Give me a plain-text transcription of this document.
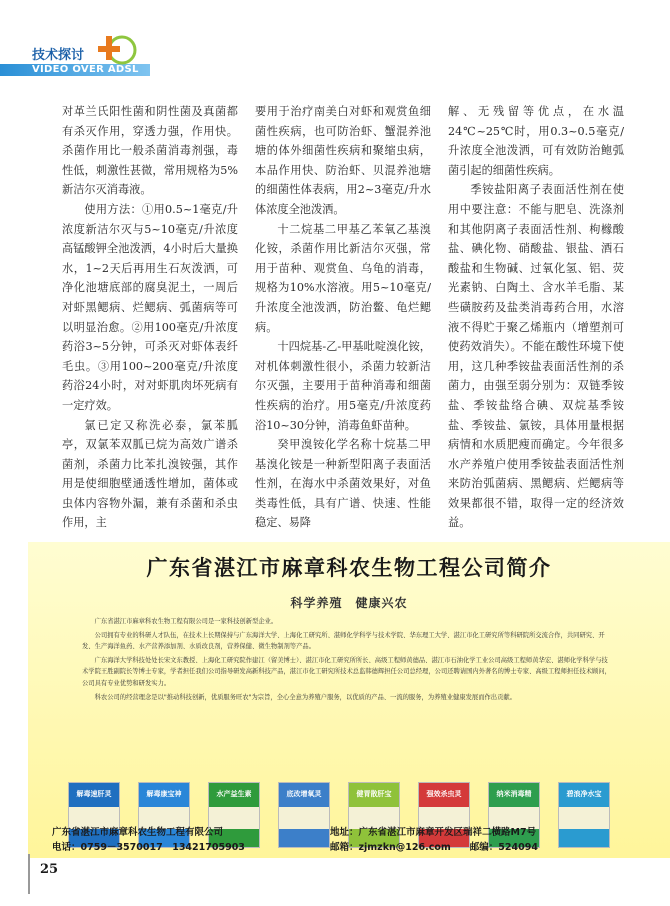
技术探讨
VIDEO OVER ADSL

对革兰氏阳性菌和阴性菌及真菌都有杀灭作用，穿透力强，作用快。杀菌作用比一般杀菌消毒剂强，毒性低，刺激性甚微，常用规格为5%新洁尔灭消毒液。

使用方法：①用0.5~1毫克/升浓度新洁尔灭与5~10毫克/升浓度高锰酸钾全池泼洒，4小时后大量换水，1~2天后再用生石灰泼洒，可净化池塘底部的腐臭泥土，一周后对虾黑鳃病、烂鳃病、弧菌病等可以明显治愈。②用100毫克/升浓度药浴3~5分钟，可杀灭对虾体表纤毛虫。③用100~200毫克/升浓度药浴24小时，对对虾肌肉坏死病有一定疗效。

氯已定又称洗必泰，氯苯胍亭，双氯苯双胍已烷为高效广谱杀菌剂，杀菌力比苯扎溴铵强，其作用是使细胞壁通透性增加，菌体或虫体内容物外漏，兼有杀菌和杀虫作用，主

要用于治疗南美白对虾和观赏鱼细菌性疾病，也可防治虾、蟹混养池塘的体外细菌性疾病和聚缩虫病，本品作用快、防治虾、贝混养池塘的细菌性体表病，用2~3毫克/升水体浓度全池泼洒。

十二烷基二甲基乙苯氧乙基溴化铵，杀菌作用比新洁尔灭强，常用于苗种、观赏鱼、乌龟的消毒，规格为10%水溶液。用5~10毫克/升浓度全池泼洒，防治鳖、龟烂鳃病。

十四烷基-乙-甲基吡啶溴化铵，对机体刺激性很小，杀菌力较新洁尔灭强，主要用于苗种消毒和细菌性疾病的治疗。用5毫克/升浓度药浴10~30分钟，消毒鱼虾苗种。

癸甲溴铵化学名称十烷基二甲基溴化铵是一种新型阳离子表面活性剂，在海水中杀菌效果好，对鱼类毒性低，具有广谱、快速、性能稳定、易降

解、无残留等优点，在水温24℃~25℃时，用0.3~0.5毫克/升浓度全池泼洒，可有效防治鲍弧菌引起的细菌性疾病。

季铵盐阳离子表面活性剂在使用中要注意：不能与肥皂、洗涤剂和其他阴离子表面活性剂、枸橼酸盐、碘化物、硝酸盐、银盐、酒石酸盐和生物碱、过氧化氢、铝、荧光素钠、白陶土、含水羊毛脂、某些磺胺药及盐类消毒药合用，水溶液不得贮于聚乙烯瓶内（增塑剂可使药效消失）。不能在酸性环境下使用，这几种季铵盐表面活性剂的杀菌力，由强至弱分别为：双链季铵盐、季铵盐络合碘、双烷基季铵盐、季铵盐、氯铵，具体用量根据病情和水质肥瘦而确定。今年很多水产养殖户使用季铵盐表面活性剂来防治弧菌病、黑鳃病、烂鳃病等效果都很不错，取得一定的经济效益。

广东省湛江市麻章科农生物工程公司简介
科学养殖　健康兴农

广东省湛江市麻章科农生物工程有限公司是一家科技创新型企业。

公司拥有专业的科研人才队伍，在技术上长期保持与广东海洋大学、上海化工研究所、湛师化学科学与技术学院、华东理工大学、湛江市化工研究所等科研院所交流合作，共同研究、开发、生产海洋鱼药、水产营养添加剂、水质改良剂，营养保健、微生物制剂等产品。

广东海洋大学科技处处长宋文东教授、上海化工研究院作建江（留美博士）、湛江市化工研究所所长、高级工程师黄德品、湛江市石油化学工业公司高级工程师黄华宏、湛师化学科学与技术学院王胜副院长等博士专家，学者担任我们公司指导研发高新科技产品，湛江市化工研究所技术总监韩德辉担任公司总经理，公司还聘请国内外著名的博士专家、高级工程师担任技术顾问，公司具有专业优势和研发实力。

科农公司的经营理念是以"推动科技创新，优质服务旺农"为宗旨，全心全意为养殖户服务，以优质的产品、一流的服务，为养殖业健康发展而作出贡献。

解毒速肝灵	解毒康宝神	水产益生素	底改增氧灵	健胃散肝宝	强效杀虫灵	纳米消毒精	碧浪净水宝
广东省湛江市麻章科农生物工程有限公司
电话：0759－3570017　13421705903
地址：广东省湛江市麻章开发区瑞祥二横路M7号
邮箱：zjmzkn@126.com　　邮编：524094
25
